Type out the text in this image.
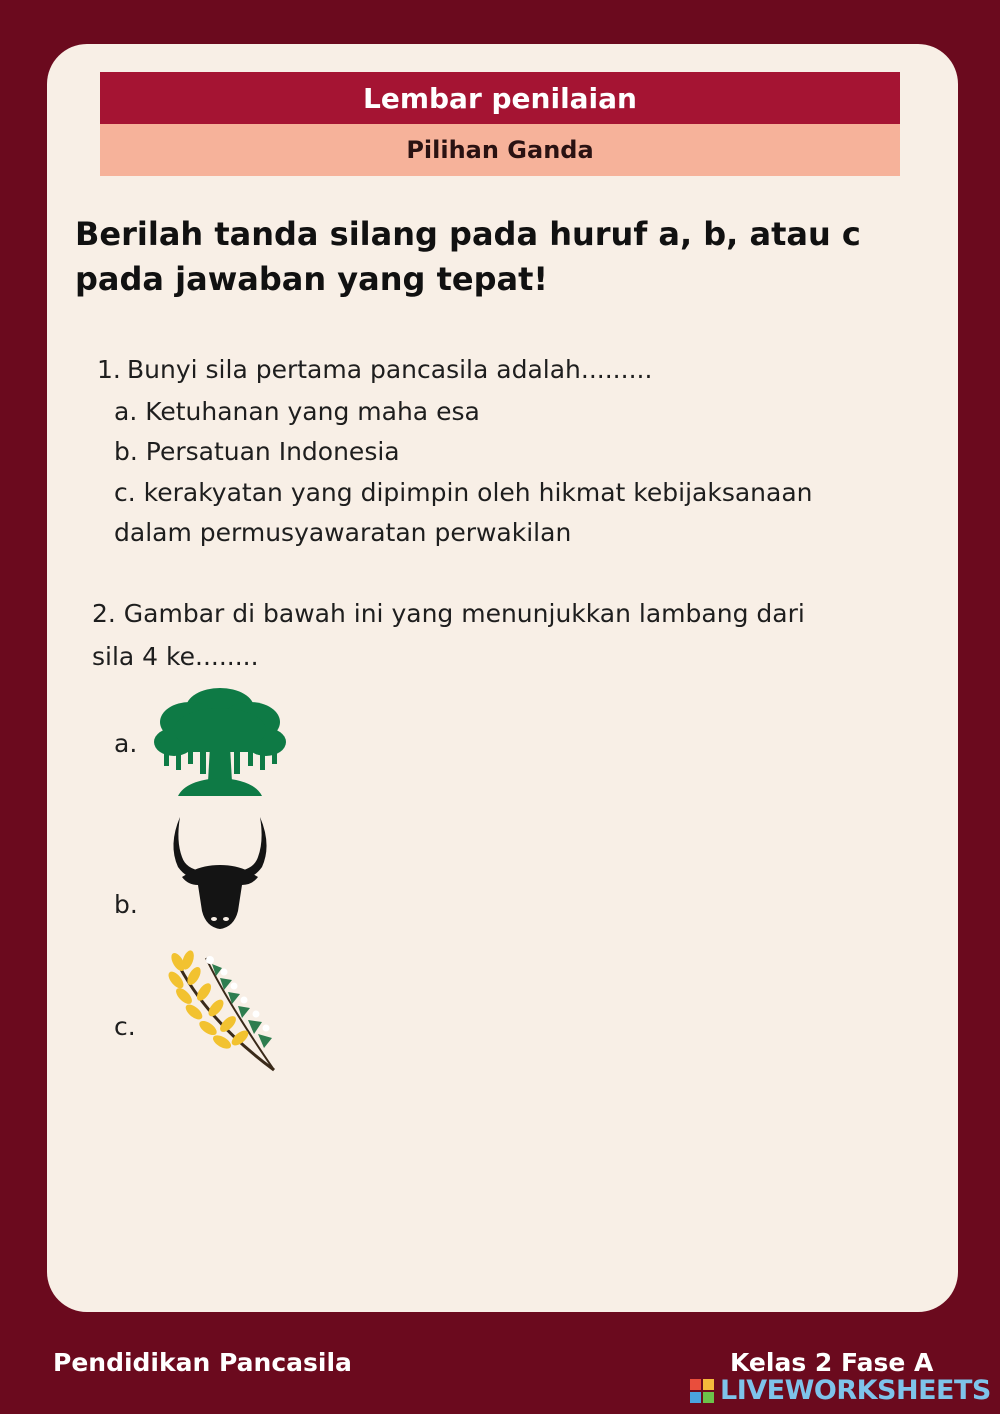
Lembar penilaian
Pilihan Ganda
Berilah tanda silang pada huruf a, b, atau c pada jawaban yang tepat!
1. Bunyi sila pertama pancasila adalah.........
a. Ketuhanan yang maha esa
b. Persatuan Indonesia
c. kerakyatan yang dipimpin oleh hikmat kebijaksanaan
dalam permusyawaratan perwakilan
2. Gambar di bawah ini yang menunjukkan lambang dari
sila 4 ke........
a.
b.
c.
Pendidikan Pancasila	Kelas 2 Fase A
LIVEWORKSHEETS
